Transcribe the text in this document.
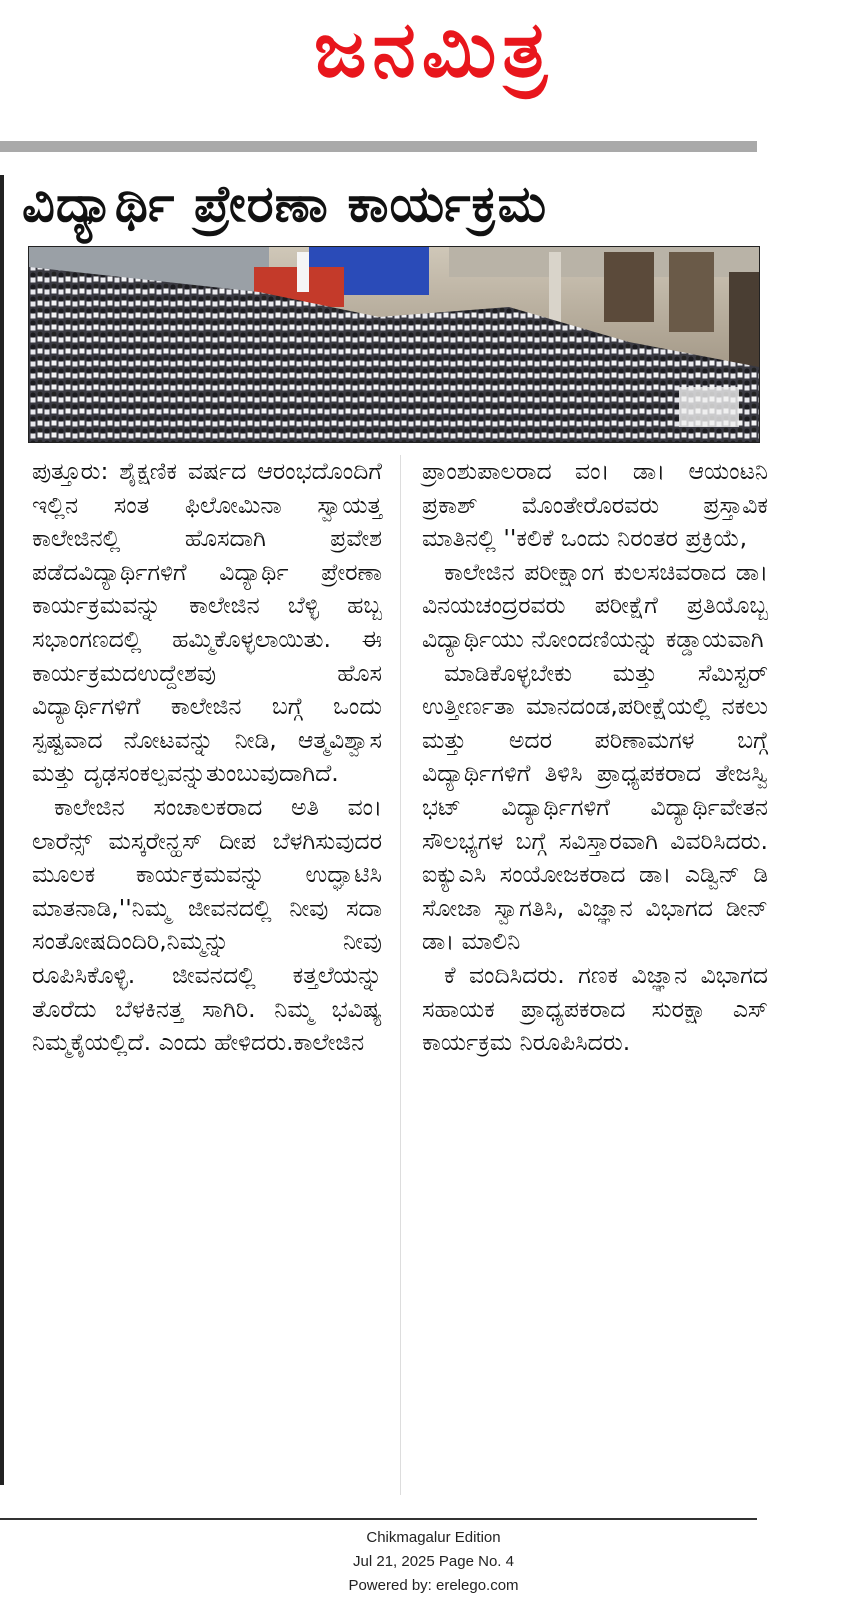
ಜನಮಿತ್ರ
ವಿದ್ಯಾರ್ಥಿ ಪ್ರೇರಣಾ ಕಾರ್ಯಕ್ರಮ

ಪುತ್ತೂರು: ಶೈಕ್ಷಣಿಕ ವರ್ಷದ ಆರಂಭದೊಂದಿಗೆ ಇಲ್ಲಿನ ಸಂತ ಫಿಲೋಮಿನಾ ಸ್ವಾಯತ್ತ ಕಾಲೇಜಿನಲ್ಲಿ ಹೊಸದಾಗಿ ಪ್ರವೇಶ ಪಡೆದವಿದ್ಯಾರ್ಥಿಗಳಿಗೆ ವಿದ್ಯಾರ್ಥಿ ಪ್ರೇರಣಾ ಕಾರ್ಯಕ್ರಮವನ್ನು ಕಾಲೇಜಿನ ಬೆಳ್ಳಿ ಹಬ್ಬ ಸಭಾಂಗಣದಲ್ಲಿ ಹಮ್ಮಿಕೊಳ್ಳಲಾಯಿತು. ಈ ಕಾರ್ಯಕ್ರಮದಉದ್ದೇಶವು ಹೊಸ ವಿದ್ಯಾರ್ಥಿಗಳಿಗೆ ಕಾಲೇಜಿನ ಬಗ್ಗೆ ಒಂದು ಸ್ಪಷ್ಟವಾದ ನೋಟವನ್ನು ನೀಡಿ, ಆತ್ಮವಿಶ್ವಾಸ ಮತ್ತು ದೃಢಸಂಕಲ್ಪವನ್ನುತುಂಬುವುದಾಗಿದೆ.

ಕಾಲೇಜಿನ ಸಂಚಾಲಕರಾದ ಅತಿ ವಂ। ಲಾರೆನ್ಸ್ ಮಸ್ಕರೇನ್ಹಸ್ ದೀಪ ಬೆಳಗಿಸುವುದರ ಮೂಲಕ ಕಾರ್ಯಕ್ರಮವನ್ನು ಉದ್ಘಾಟಿಸಿ ಮಾತನಾಡಿ,''ನಿಮ್ಮ ಜೀವನದಲ್ಲಿ ನೀವು ಸದಾ ಸಂತೋಷದಿಂದಿರಿ,ನಿಮ್ಮನ್ನು ನೀವು ರೂಪಿಸಿಕೊಳ್ಳಿ. ಜೀವನದಲ್ಲಿ ಕತ್ತಲೆಯನ್ನು ತೊರೆದು ಬೆಳಕಿನತ್ತ ಸಾಗಿರಿ. ನಿಮ್ಮ ಭವಿಷ್ಯ ನಿಮ್ಮಕೈಯಲ್ಲಿದೆ. ಎಂದು ಹೇಳಿದರು.ಕಾಲೇಜಿನ

ಪ್ರಾಂಶುಪಾಲರಾದ ವಂ। ಡಾ। ಆಯಂಟನಿ ಪ್ರಕಾಶ್ ಮೊಂತೇರೊರವರು ಪ್ರಸ್ತಾವಿಕ ಮಾತಿನಲ್ಲಿ ''ಕಲಿಕೆ ಒಂದು ನಿರಂತರ ಪ್ರಕ್ರಿಯೆ,

ಕಾಲೇಜಿನ ಪರೀಕ್ಷಾಂಗ ಕುಲಸಚಿವರಾದ ಡಾ। ವಿನಯಚಂದ್ರರವರು ಪರೀಕ್ಷೆಗೆ ಪ್ರತಿಯೊಬ್ಬ ವಿದ್ಯಾರ್ಥಿಯು ನೋಂದಣಿಯನ್ನು ಕಡ್ಡಾಯವಾಗಿ

ಮಾಡಿಕೊಳ್ಳಬೇಕು ಮತ್ತು ಸೆಮಿಸ್ಟರ್ ಉತ್ತೀರ್ಣತಾ ಮಾನದಂಡ,ಪರೀಕ್ಷೆಯಲ್ಲಿ ನಕಲು ಮತ್ತು ಅದರ ಪರಿಣಾಮಗಳ ಬಗ್ಗೆ ವಿದ್ಯಾರ್ಥಿಗಳಿಗೆ ತಿಳಿಸಿ ಪ್ರಾಧ್ಯಪಕರಾದ ತೇಜಸ್ವಿ ಭಟ್ ವಿದ್ಯಾರ್ಥಿಗಳಿಗೆ ವಿದ್ಯಾರ್ಥಿವೇತನ ಸೌಲಭ್ಯಗಳ ಬಗ್ಗೆ ಸವಿಸ್ತಾರವಾಗಿ ವಿವರಿಸಿದರು. ಐಕ್ಯುಎಸಿ ಸಂಯೋಜಕರಾದ ಡಾ। ಎಡ್ವಿನ್ ಡಿ ಸೋಜಾ ಸ್ವಾಗತಿಸಿ, ವಿಜ್ಞಾನ ವಿಭಾಗದ ಡೀನ್ ಡಾ। ಮಾಲಿನಿ

ಕೆ ವಂದಿಸಿದರು. ಗಣಕ ವಿಜ್ಞಾನ ವಿಭಾಗದ ಸಹಾಯಕ ಪ್ರಾಧ್ಯಪಕರಾದ ಸುರಕ್ಷಾ ಎಸ್ ಕಾರ್ಯಕ್ರಮ ನಿರೂಪಿಸಿದರು.

Chikmagalur Edition
Jul 21, 2025 Page No. 4
Powered by: erelego.com
